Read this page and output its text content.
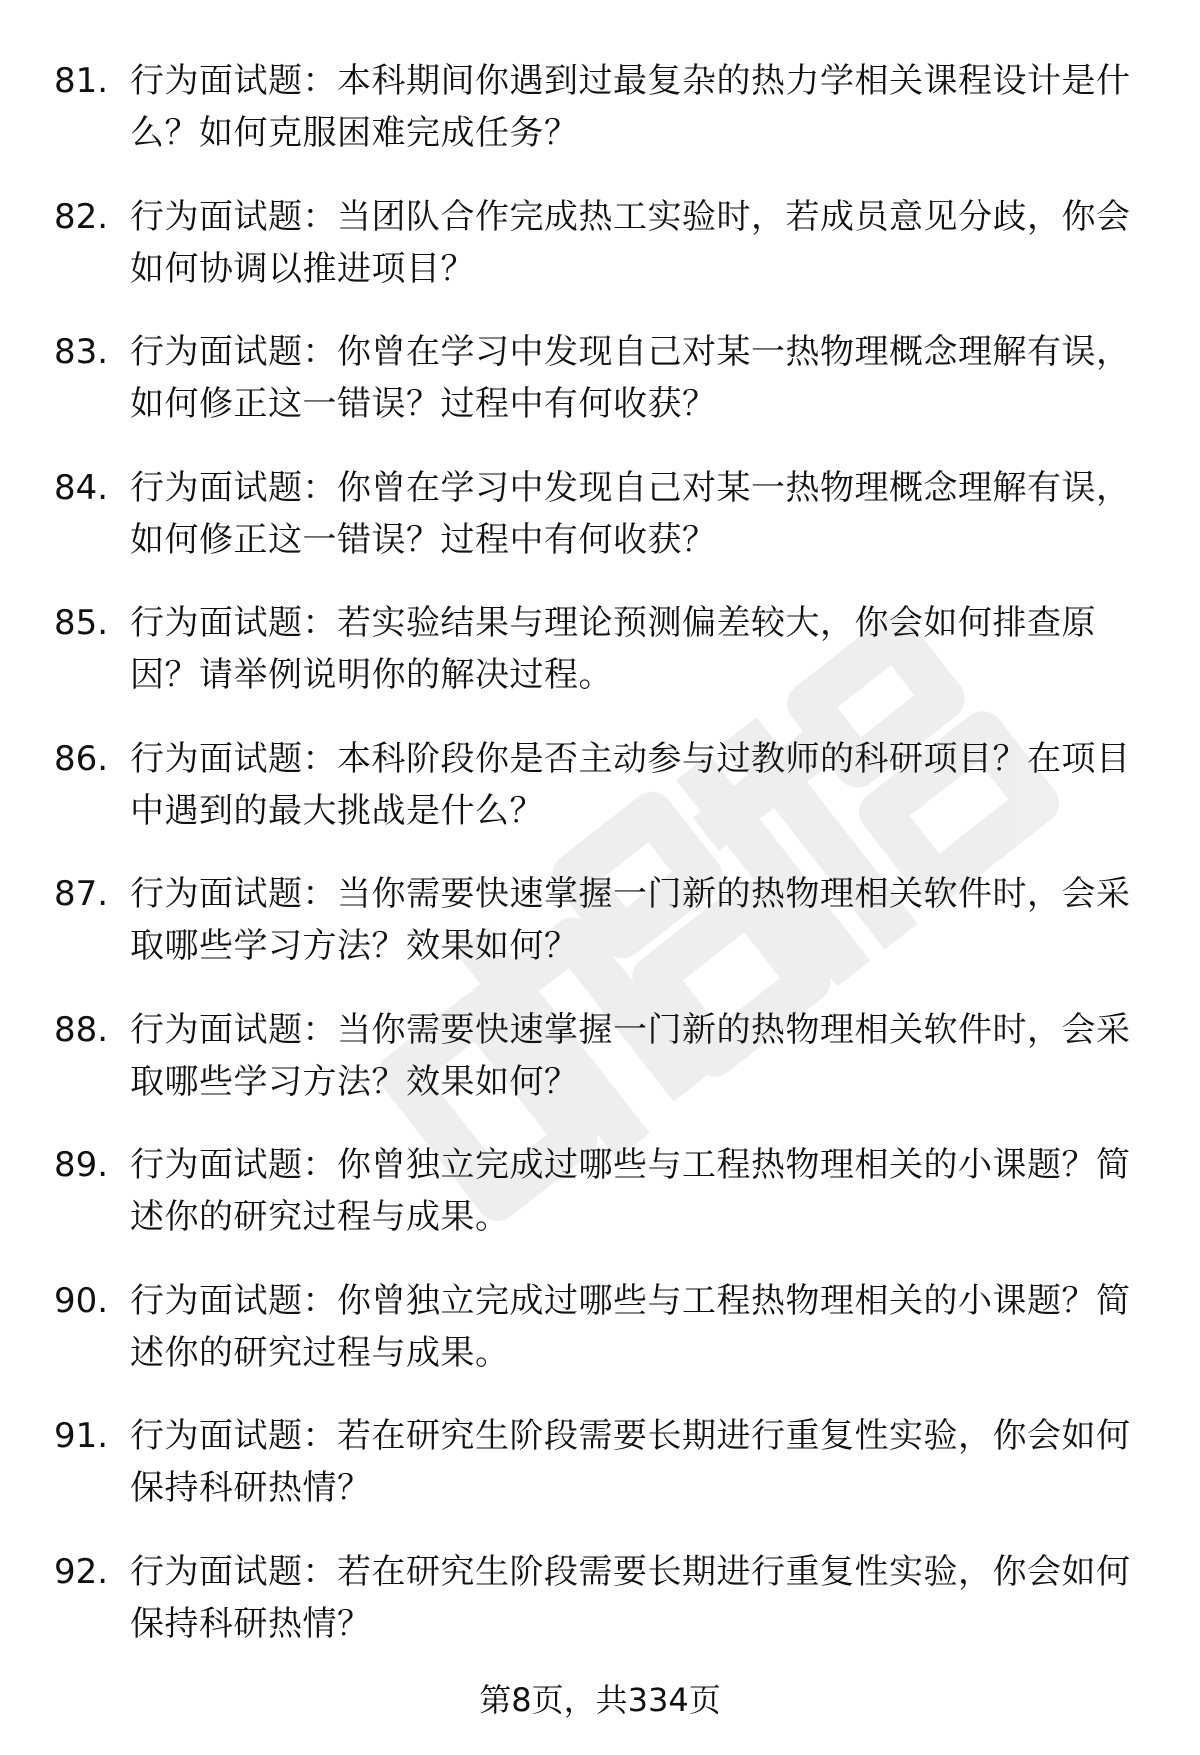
81. 行为面试题：本科期间你遇到过最复杂的热力学相关课程设计是什么？如何克服困难完成任务？
82. 行为面试题：当团队合作完成热工实验时，若成员意见分歧，你会如何协调以推进项目？
83. 行为面试题：你曾在学习中发现自己对某一热物理概念理解有误，如何修正这一错误？过程中有何收获？
84. 行为面试题：你曾在学习中发现自己对某一热物理概念理解有误，如何修正这一错误？过程中有何收获？
85. 行为面试题：若实验结果与理论预测偏差较大，你会如何排查原因？请举例说明你的解决过程。
86. 行为面试题：本科阶段你是否主动参与过教师的科研项目？在项目中遇到的最大挑战是什么？
87. 行为面试题：当你需要快速掌握一门新的热物理相关软件时，会采取哪些学习方法？效果如何？
88. 行为面试题：当你需要快速掌握一门新的热物理相关软件时，会采取哪些学习方法？效果如何？
89. 行为面试题：你曾独立完成过哪些与工程热物理相关的小课题？简述你的研究过程与成果。
90. 行为面试题：你曾独立完成过哪些与工程热物理相关的小课题？简述你的研究过程与成果。
91. 行为面试题：若在研究生阶段需要长期进行重复性实验，你会如何保持科研热情？
92. 行为面试题：若在研究生阶段需要长期进行重复性实验，你会如何保持科研热情？
第8页，共334页
